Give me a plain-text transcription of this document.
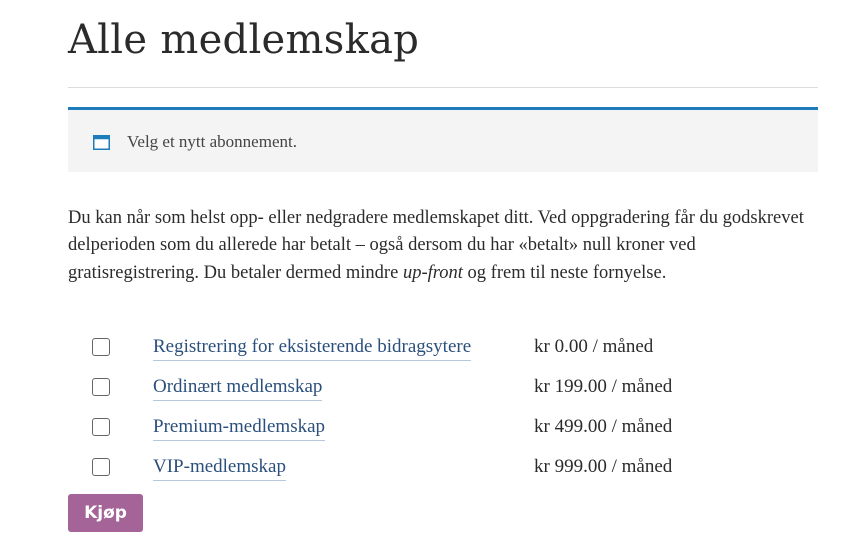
Alle medlemskap
Velg et nytt abonnement.

Du kan når som helst opp- eller nedgradere medlemskapet ditt. Ved oppgradering får du godskrevet delperioden som du allerede har betalt – også dersom du har «betalt» null kroner ved gratisregistrering. Du betaler dermed mindre up-front og frem til neste fornyelse.

Registrering for eksisterende bidragsytere	kr 0.00 / måned
Ordinært medlemskap	kr 199.00 / måned
Premium-medlemskap	kr 499.00 / måned
VIP-medlemskap	kr 999.00 / måned
Kjøp
